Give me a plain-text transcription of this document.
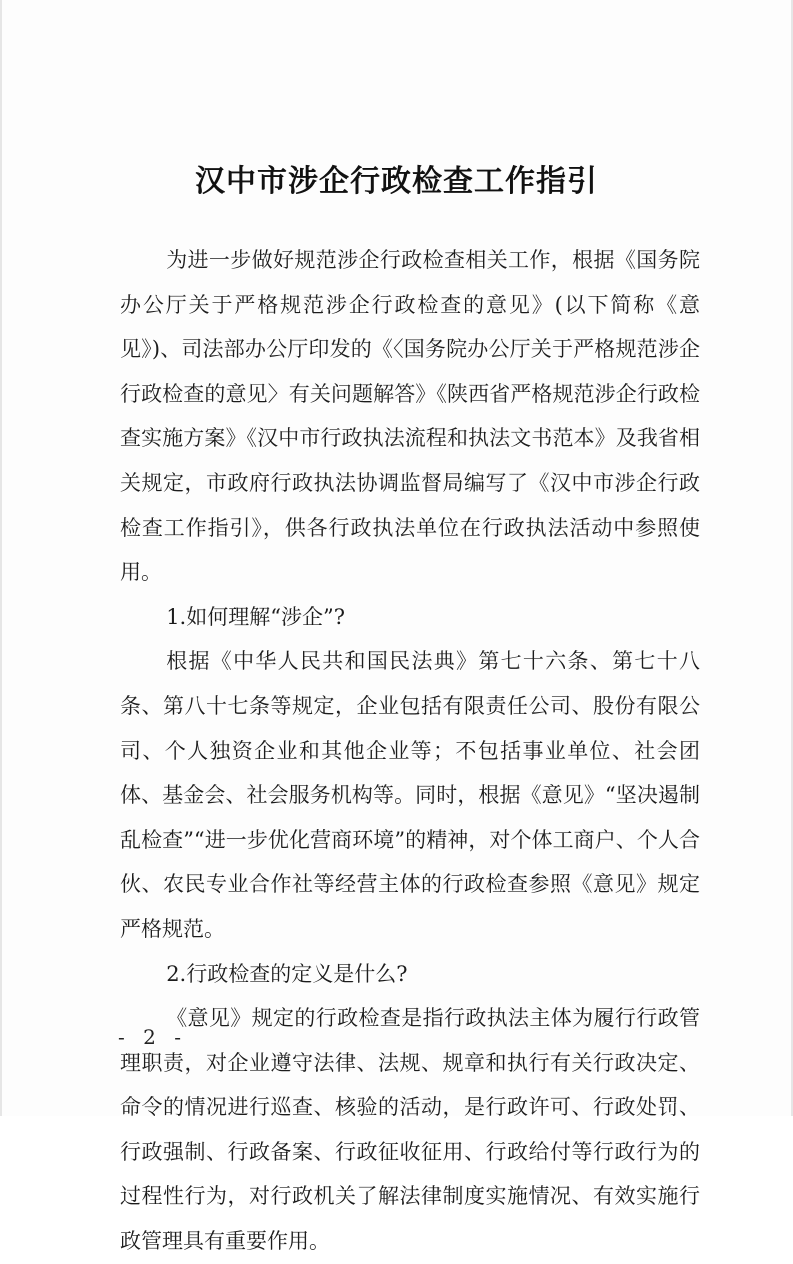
汉中市涉企行政检查工作指引

为进一步做好规范涉企行政检查相关工作，根据《国务院办公厅关于严格规范涉企行政检查的意见》(以下简称《意见》)、司法部办公厅印发的《〈国务院办公厅关于严格规范涉企行政检查的意见〉有关问题解答》《陕西省严格规范涉企行政检查实施方案》《汉中市行政执法流程和执法文书范本》及我省相关规定，市政府行政执法协调监督局编写了《汉中市涉企行政检查工作指引》，供各行政执法单位在行政执法活动中参照使用。

1.如何理解“涉企”?

根据《中华人民共和国民法典》第七十六条、第七十八条、第八十七条等规定，企业包括有限责任公司、股份有限公司、个人独资企业和其他企业等；不包括事业单位、社会团体、基金会、社会服务机构等。同时，根据《意见》“坚决遏制乱检查”“进一步优化营商环境”的精神，对个体工商户、个人合伙、农民专业合作社等经营主体的行政检查参照《意见》规定严格规范。

2.行政检查的定义是什么?

《意见》规定的行政检查是指行政执法主体为履行行政管理职责，对企业遵守法律、法规、规章和执行有关行政决定、命令的情况进行巡查、核验的活动，是行政许可、行政处罚、行政强制、行政备案、行政征收征用、行政给付等行政行为的过程性行为，对行政机关了解法律制度实施情况、有效实施行政管理具有重要作用。

- 2 -
